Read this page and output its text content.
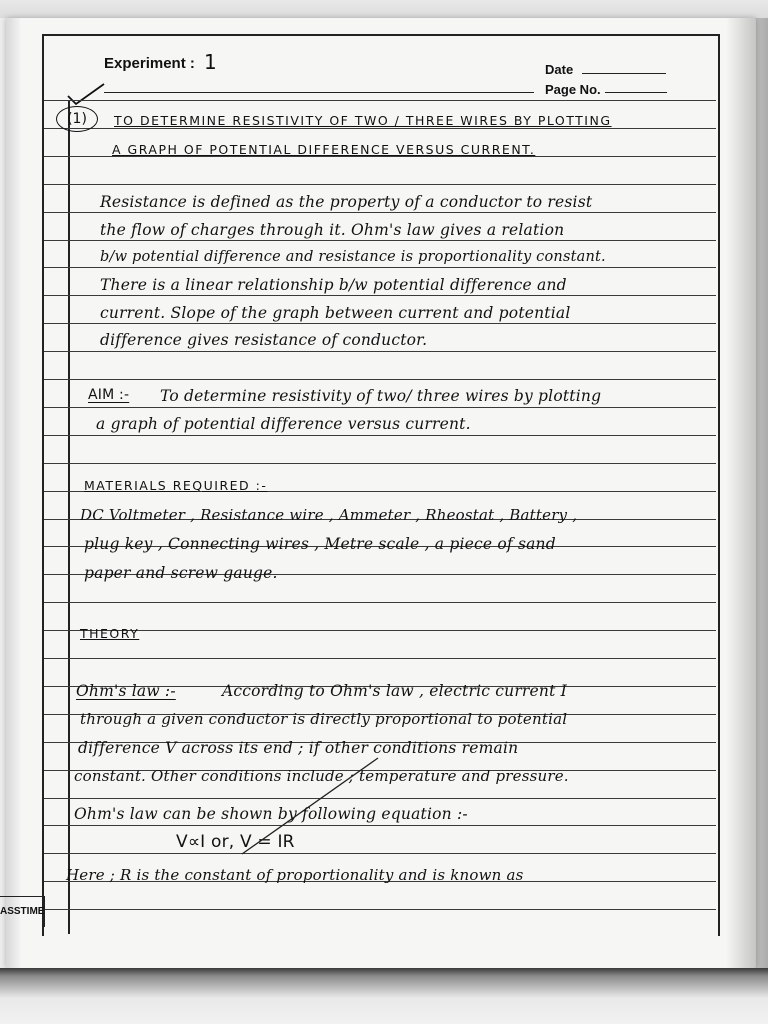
Experiment : 1	Date
Page No.
(1)	TO DETERMINE RESISTIVITY OF TWO / THREE WIRES BY PLOTTING
A GRAPH OF POTENTIAL DIFFERENCE VERSUS CURRENT.
Resistance is defined as the property of a conductor to resist
the flow of charges through it. Ohm's law gives a relation
b/w potential difference and resistance is proportionality constant.
There is a linear relationship b/w potential difference and
current. Slope of the graph between current and potential
difference gives resistance of conductor.
AIM :- To determine resistivity of two/ three wires by plotting
a graph of potential difference versus current.
MATERIALS REQUIRED :-
DC Voltmeter , Resistance wire , Ammeter , Rheostat , Battery ,
plug key , Connecting wires , Metre scale , a piece of sand
paper and screw gauge.
THEORY
Ohm's law :-	According to Ohm's law , electric current I
through a given conductor is directly proportional to potential
difference V across its end ; if other conditions remain
constant. Other conditions include ; temperature and pressure.
Ohm's law can be shown by following equation :-
V∝I or, V = IR
Here ; R is the constant of proportionality and is known as
ASSTIME
